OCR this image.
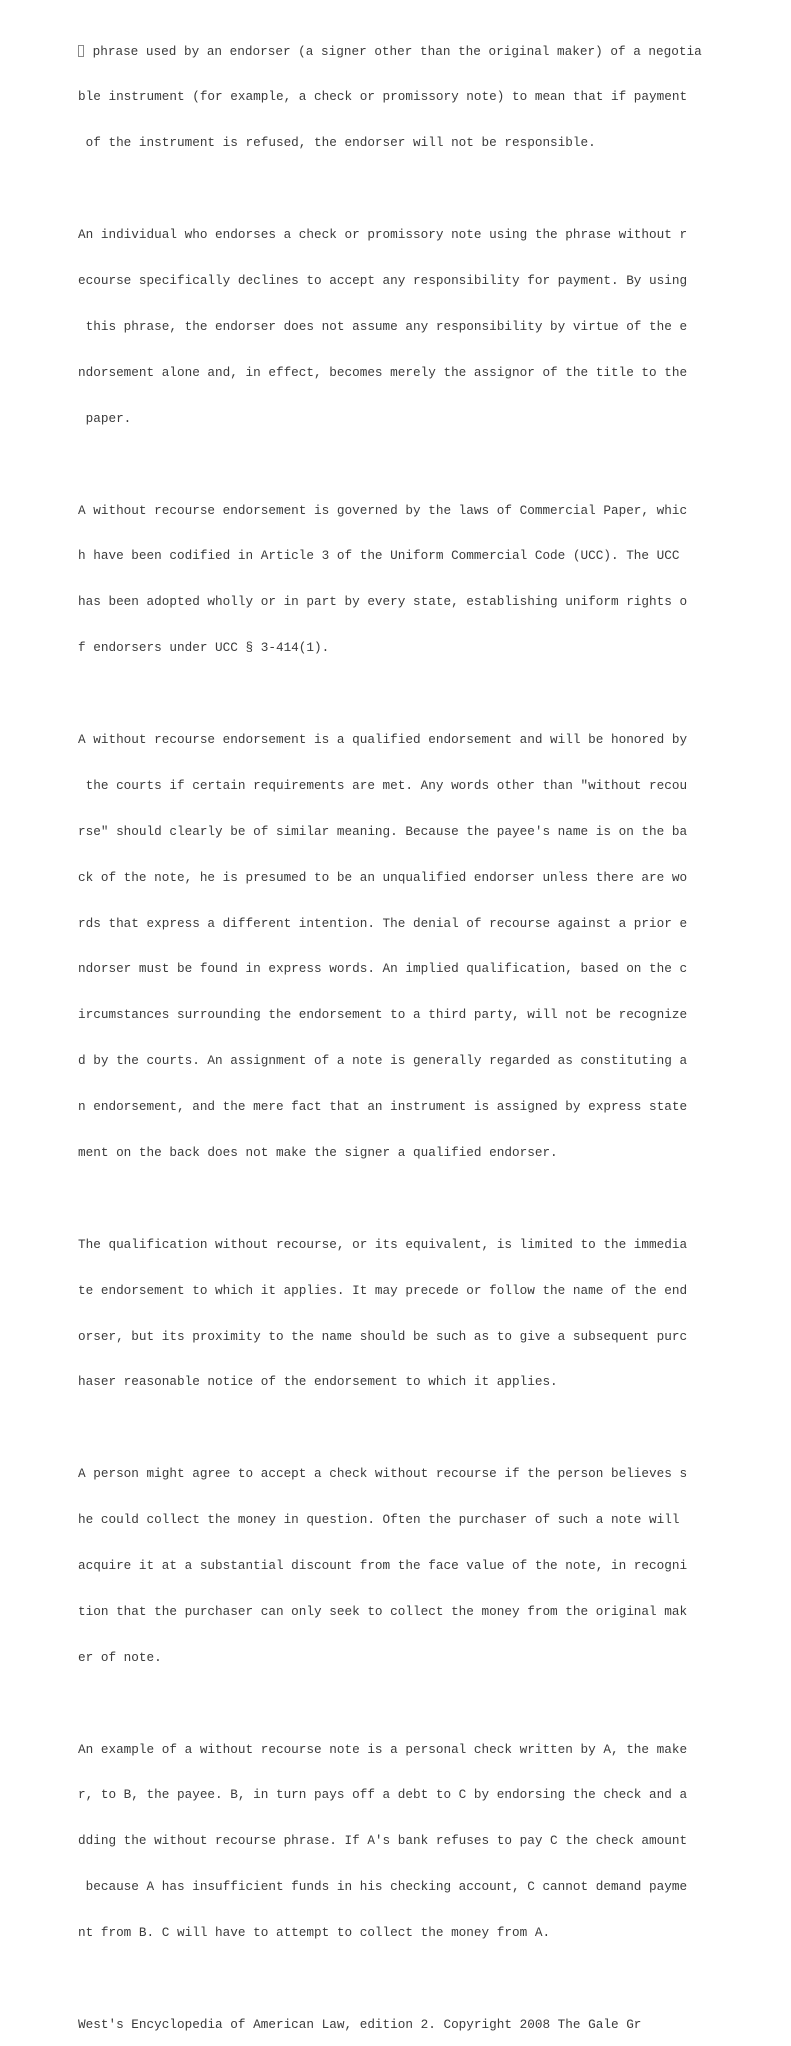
phrase used by an endorser (a signer other than the original maker) of a negotia

ble instrument (for example, a check or promissory note) to mean that if payment

of the instrument is refused, the endorser will not be responsible.

An individual who endorses a check or promissory note using the phrase without r

ecourse specifically declines to accept any responsibility for payment. By using

this phrase, the endorser does not assume any responsibility by virtue of the e

ndorsement alone and, in effect, becomes merely the assignor of the title to the

paper.

A without recourse endorsement is governed by the laws of Commercial Paper, whic

h have been codified in Article 3 of the Uniform Commercial Code (UCC). The UCC

has been adopted wholly or in part by every state, establishing uniform rights o

f endorsers under UCC § 3-414(1).

A without recourse endorsement is a qualified endorsement and will be honored by

the courts if certain requirements are met. Any words other than "without recou

rse" should clearly be of similar meaning. Because the payee's name is on the ba

ck of the note, he is presumed to be an unqualified endorser unless there are wo

rds that express a different intention. The denial of recourse against a prior e

ndorser must be found in express words. An implied qualification, based on the c

ircumstances surrounding the endorsement to a third party, will not be recognize

d by the courts. An assignment of a note is generally regarded as constituting a

n endorsement, and the mere fact that an instrument is assigned by express state

ment on the back does not make the signer a qualified endorser.

The qualification without recourse, or its equivalent, is limited to the immedia

te endorsement to which it applies. It may precede or follow the name of the end

orser, but its proximity to the name should be such as to give a subsequent purc

haser reasonable notice of the endorsement to which it applies.

A person might agree to accept a check without recourse if the person believes s

he could collect the money in question. Often the purchaser of such a note will

acquire it at a substantial discount from the face value of the note, in recogni

tion that the purchaser can only seek to collect the money from the original mak

er of note.

An example of a without recourse note is a personal check written by A, the make

r, to B, the payee. B, in turn pays off a debt to C by endorsing the check and a

dding the without recourse phrase. If A's bank refuses to pay C the check amount

because A has insufficient funds in his checking account, C cannot demand payme

nt from B. C will have to attempt to collect the money from A.

West's Encyclopedia of American Law, edition 2. Copyright 2008 The Gale Gr
